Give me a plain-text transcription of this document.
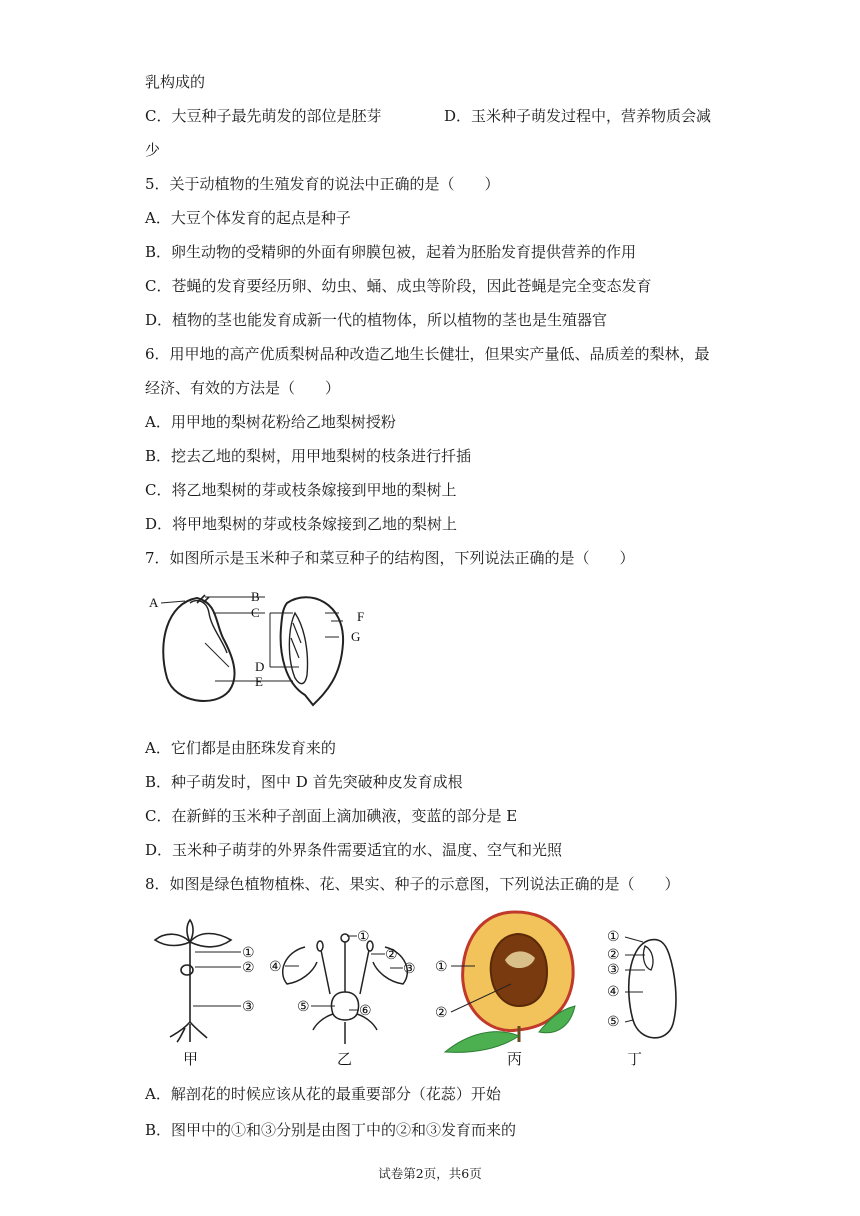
乳构成的
C．大豆种子最先萌发的部位是胚芽	D．玉米种子萌发过程中，营养物质会减
少
5．关于动植物的生殖发育的说法中正确的是（　　）
A．大豆个体发育的起点是种子
B．卵生动物的受精卵的外面有卵膜包被，起着为胚胎发育提供营养的作用
C．苍蝇的发育要经历卵、幼虫、蛹、成虫等阶段，因此苍蝇是完全变态发育
D．植物的茎也能发育成新一代的植物体，所以植物的茎也是生殖器官
6．用甲地的高产优质梨树品种改造乙地生长健壮，但果实产量低、品质差的梨林，最
经济、有效的方法是（　　）
A．用甲地的梨树花粉给乙地梨树授粉
B．挖去乙地的梨树，用甲地梨树的枝条进行扦插
C．将乙地梨树的芽或枝条嫁接到甲地的梨树上
D．将甲地梨树的芽或枝条嫁接到乙地的梨树上
7．如图所示是玉米种子和菜豆种子的结构图，下列说法正确的是（　　）
A	B
C
D
E
F
G
A．它们都是由胚珠发育来的
B．种子萌发时，图中 D 首先突破种皮发育成根
C．在新鲜的玉米种子剖面上滴加碘液，变蓝的部分是 E
D．玉米种子萌芽的外界条件需要适宜的水、温度、空气和光照
8．如图是绿色植物植株、花、果实、种子的示意图，下列说法正确的是（　　）
①
②
③
①
②
③
④
⑤	⑥
①
②
①
②
③
④
⑤
甲	乙	丙	丁
A．解剖花的时候应该从花的最重要部分（花蕊）开始
B．图甲中的①和③分别是由图丁中的②和③发育而来的
试卷第2页，共6页
